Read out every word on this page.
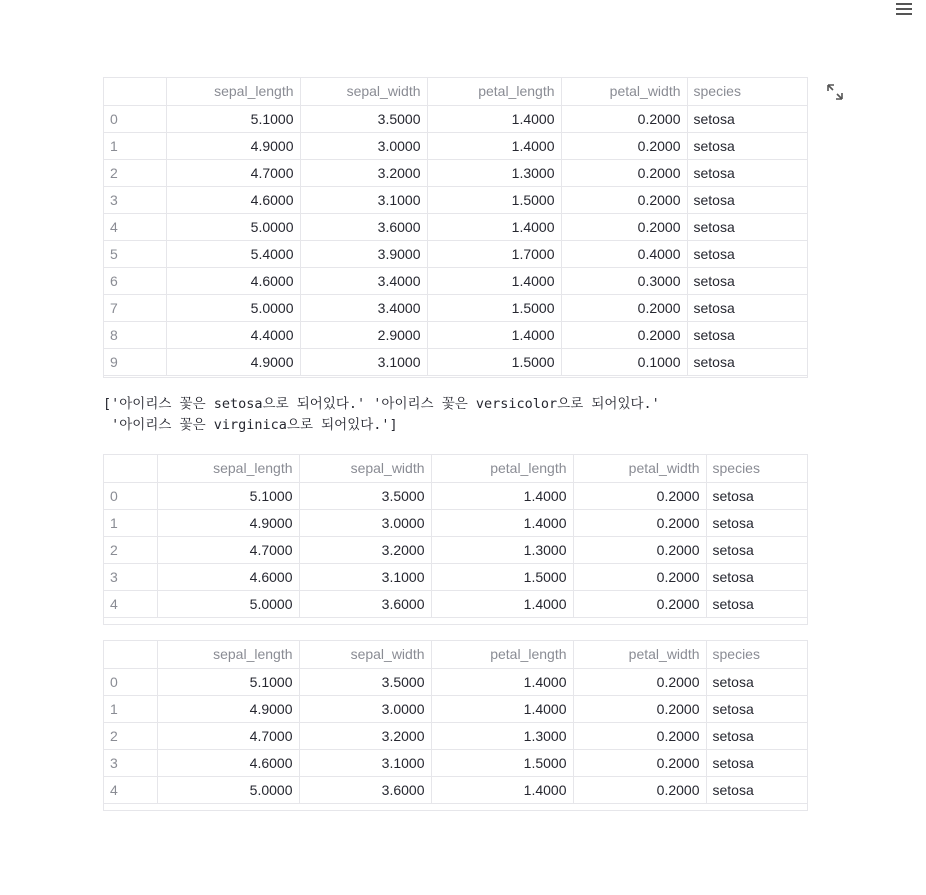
	sepal_length	sepal_width	petal_length	petal_width	species
0	5.1000	3.5000	1.4000	0.2000	setosa
1	4.9000	3.0000	1.4000	0.2000	setosa
2	4.7000	3.2000	1.3000	0.2000	setosa
3	4.6000	3.1000	1.5000	0.2000	setosa
4	5.0000	3.6000	1.4000	0.2000	setosa
5	5.4000	3.9000	1.7000	0.4000	setosa
6	4.6000	3.4000	1.4000	0.3000	setosa
7	5.0000	3.4000	1.5000	0.2000	setosa
8	4.4000	2.9000	1.4000	0.2000	setosa
9	4.9000	3.1000	1.5000	0.1000	setosa
['아이리스 꽃은 setosa으로 되어있다.' '아이리스 꽃은 versicolor으로 되어있다.'
'아이리스 꽃은 virginica으로 되어있다.']
	sepal_length	sepal_width	petal_length	petal_width	species
0	5.1000	3.5000	1.4000	0.2000	setosa
1	4.9000	3.0000	1.4000	0.2000	setosa
2	4.7000	3.2000	1.3000	0.2000	setosa
3	4.6000	3.1000	1.5000	0.2000	setosa
4	5.0000	3.6000	1.4000	0.2000	setosa
	sepal_length	sepal_width	petal_length	petal_width	species
0	5.1000	3.5000	1.4000	0.2000	setosa
1	4.9000	3.0000	1.4000	0.2000	setosa
2	4.7000	3.2000	1.3000	0.2000	setosa
3	4.6000	3.1000	1.5000	0.2000	setosa
4	5.0000	3.6000	1.4000	0.2000	setosa
